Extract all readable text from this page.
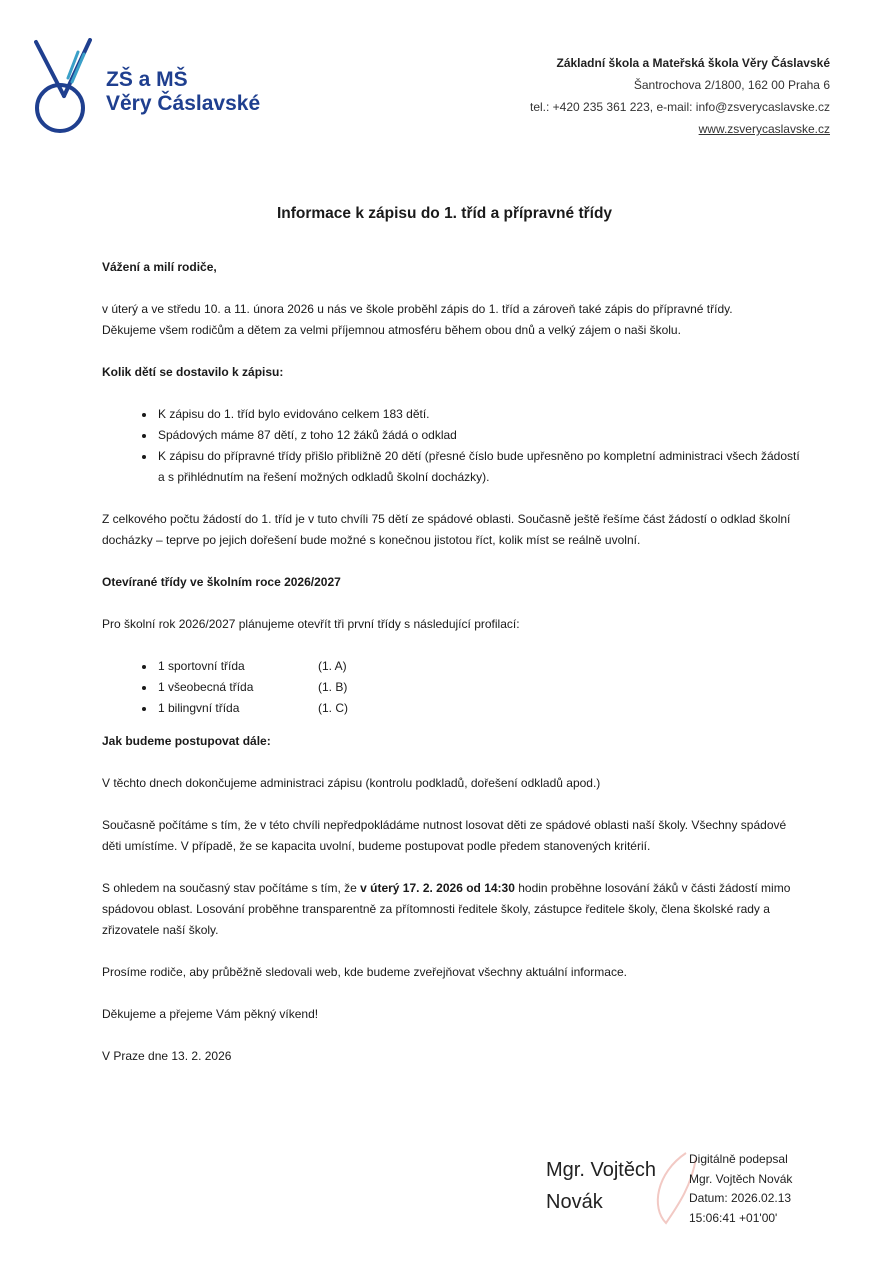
ZŠ a MŠ
Věry Čáslavské
Základní škola a Mateřská škola Věry Čáslavské
Šantrochova 2/1800, 162 00 Praha 6
tel.: +420 235 361 223, e-mail: info@zsverycaslavske.cz
www.zsverycaslavske.cz
Informace k zápisu do 1. tříd a přípravné třídy

Vážení a milí rodiče,

v úterý a ve středu 10. a 11. února 2026 u nás ve škole proběhl zápis do 1. tříd a zároveň také zápis do přípravné třídy.

Děkujeme všem rodičům a dětem za velmi příjemnou atmosféru během obou dnů a velký zájem o naši školu.

Kolik dětí se dostavilo k zápisu:

• K zápisu do 1. tříd bylo evidováno celkem 183 dětí.
• Spádových máme 87 dětí, z toho 12 žáků žádá o odklad
• K zápisu do přípravné třídy přišlo přibližně 20 dětí (přesné číslo bude upřesněno po kompletní administraci všech žádostí a s přihlédnutím na řešení možných odkladů školní docházky).

Z celkového počtu žádostí do 1. tříd je v tuto chvíli 75 dětí ze spádové oblasti. Současně ještě řešíme část žádostí o odklad školní docházky – teprve po jejich dořešení bude možné s konečnou jistotou říct, kolik míst se reálně uvolní.

Otevírané třídy ve školním roce 2026/2027

Pro školní rok 2026/2027 plánujeme otevřít tři první třídy s následující profilací:

• 1 sportovní třída	(1. A)
• 1 všeobecná třída	(1. B)
• 1 bilingvní třída	(1. C)

Jak budeme postupovat dále:

V těchto dnech dokončujeme administraci zápisu (kontrolu podkladů, dořešení odkladů apod.)

Současně počítáme s tím, že v této chvíli nepředpokládáme nutnost losovat děti ze spádové oblasti naší školy. Všechny spádové děti umístíme. V případě, že se kapacita uvolní, budeme postupovat podle předem stanovených kritérií.

S ohledem na současný stav počítáme s tím, že v úterý 17. 2. 2026 od 14:30 hodin proběhne losování žáků v části žádostí mimo spádovou oblast. Losování proběhne transparentně za přítomnosti ředitele školy, zástupce ředitele školy, člena školské rady a zřizovatele naší školy.

Prosíme rodiče, aby průběžně sledovali web, kde budeme zveřejňovat všechny aktuální informace.

Děkujeme a přejeme Vám pěkný víkend!

V Praze dne 13. 2. 2026

Mgr. Vojtěch
Novák
Digitálně podepsal
Mgr. Vojtěch Novák
Datum: 2026.02.13
15:06:41 +01'00'
